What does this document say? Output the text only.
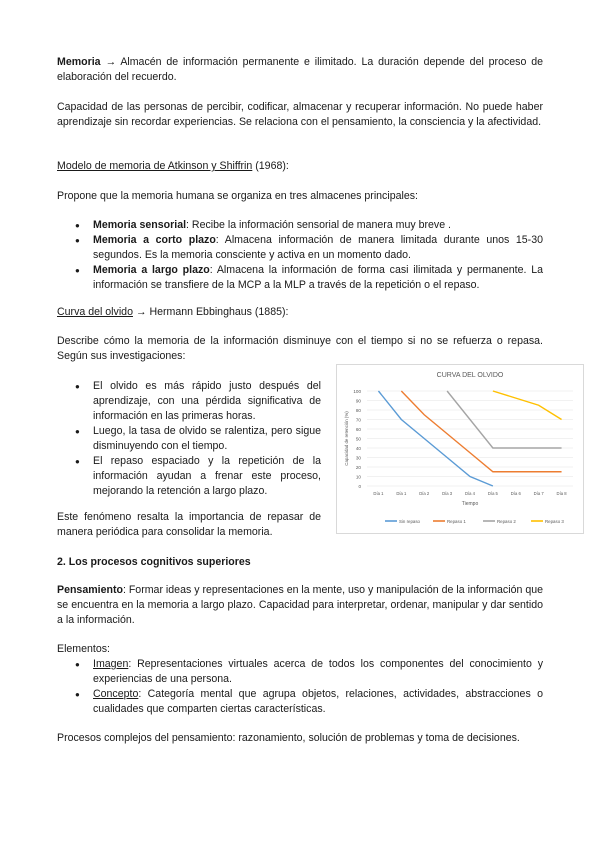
Memoria → Almacén de información permanente e ilimitado. La duración depende del proceso de elaboración del recuerdo.

Capacidad de las personas de percibir, codificar, almacenar y recuperar información. No puede haber aprendizaje sin recordar experiencias. Se relaciona con el pensamiento, la consciencia y la afectividad.

Modelo de memoria de Atkinson y Shiffrin (1968):

Propone que la memoria humana se organiza en tres almacenes principales:

● Memoria sensorial: Recibe la información sensorial de manera muy breve .
● Memoria a corto plazo: Almacena información de manera limitada durante unos 15-30 segundos. Es la memoria consciente y activa en un momento dado.
● Memoria a largo plazo: Almacena la información de forma casi ilimitada y permanente. La información se transfiere de la MCP a la MLP a través de la repetición o el repaso.

Curva del olvido → Hermann Ebbinghaus (1885):

Describe cómo la memoria de la información disminuye con el tiempo si no se refuerza o repasa. Según sus investigaciones:

● El olvido es más rápido justo después del aprendizaje, con una pérdida significativa de información en las primeras horas.
● Luego, la tasa de olvido se ralentiza, pero sigue disminuyendo con el tiempo.
● El repaso espaciado y la repetición de la información ayudan a frenar este proceso, mejorando la retención a largo plazo.

Este fenómeno resalta la importancia de repasar de manera periódica para consolidar la memoria.

CURVA DEL OLVIDO
0
10
20
30
40
50
60
70
80
90
100
Día 1	Día 1	Día 2	Día 3	Día 4	Día 5	Día 6	Día 7	Día 8
Tiempo
Capacidad de retención (%)
Sin repaso	Repaso 1	Repaso 2	Repaso 3

2. Los procesos cognitivos superiores

Pensamiento: Formar ideas y representaciones en la mente, uso y manipulación de la información que se encuentra en la memoria a largo plazo. Capacidad para interpretar, ordenar, manipular y dar sentido a la información.

Elementos:

● Imagen: Representaciones virtuales acerca de todos los componentes del conocimiento y experiencias de una persona.
● Concepto: Categoría mental que agrupa objetos, relaciones, actividades, abstracciones o cualidades que comparten ciertas características.

Procesos complejos del pensamiento: razonamiento, solución de problemas y toma de decisiones.
